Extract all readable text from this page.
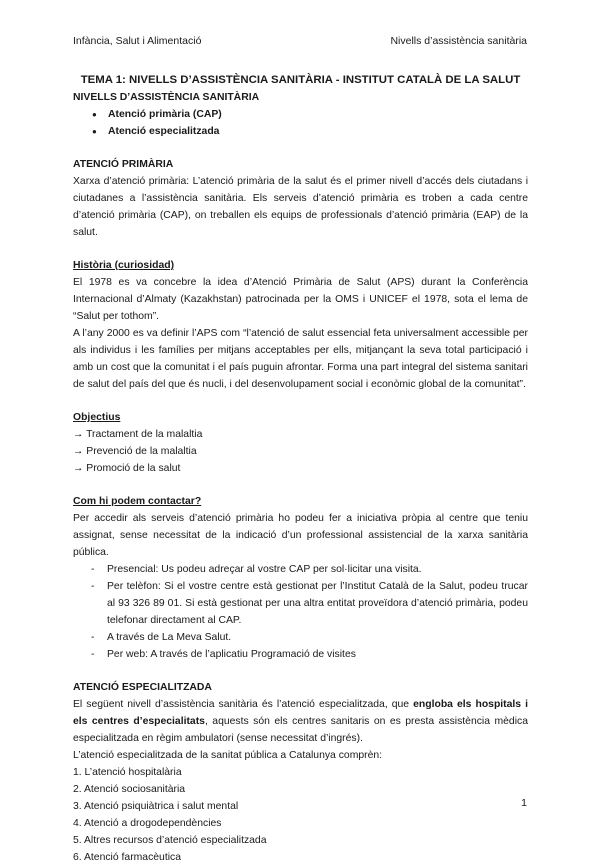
Infància, Salut i Alimentació	Nivells d’assistència sanitària

TEMA 1: NIVELLS D’ASSISTÈNCIA SANITÀRIA - INSTITUT CATALÀ DE LA SALUT

NIVELLS D’ASSISTÈNCIA SANITÀRIA
● Atenció primària (CAP)
● Atenció especialitzada
ATENCIÓ PRIMÀRIA
Xarxa d’atenció primària: L’atenció primària de la salut és el primer nivell d’accés dels ciutadans i ciutadanes a l’assistència sanitària. Els serveis d’atenció primària es troben a cada centre d’atenció primària (CAP), on treballen els equips de professionals d’atenció primària (EAP) de la salut.
Història (curiosidad)
El 1978 es va concebre la idea d’Atenció Primària de Salut (APS) durant la Conferència Internacional d’Almaty (Kazakhstan) patrocinada per la OMS i UNICEF el 1978, sota el lema de “Salut per tothom”.
A l’any 2000 es va definir l’APS com “l’atenció de salut essencial feta universalment accessible per als individus i les famílies per mitjans acceptables per ells, mitjançant la seva total participació i amb un cost que la comunitat i el país puguin afrontar. Forma una part integral del sistema sanitari de salut del país del que és nucli, i del desenvolupament social i econòmic global de la comunitat”.
Objectius
→ Tractament de la malaltia
→ Prevenció de la malaltia
→ Promoció de la salut
Com hi podem contactar?
Per accedir als serveis d’atenció primària ho podeu fer a iniciativa pròpia al centre que teniu assignat, sense necessitat de la indicació d’un professional assistencial de la xarxa sanitària pública.
- Presencial: Us podeu adreçar al vostre CAP per sol·licitar una visita.
- Per telèfon: Si el vostre centre està gestionat per l’Institut Català de la Salut, podeu trucar al 93 326 89 01. Si està gestionat per una altra entitat proveïdora d’atenció primària, podeu telefonar directament al CAP.
- A través de La Meva Salut.
- Per web: A través de l’aplicatiu Programació de visites
ATENCIÓ ESPECIALITZADA
El següent nivell d’assistència sanitària és l’atenció especialitzada, que engloba els hospitals i els centres d’especialitats, aquests són els centres sanitaris on es presta assistència mèdica especialitzada en règim ambulatori (sense necessitat d’ingrés).
L’atenció especialitzada de la sanitat pública a Catalunya comprèn:
1. L’atenció hospitalària
2. Atenció sociosanitària
3. Atenció psiquiàtrica i salut mental
4. Atenció a drogodependències
5. Altres recursos d’atenció especialitzada
6. Atenció farmacèutica
1
